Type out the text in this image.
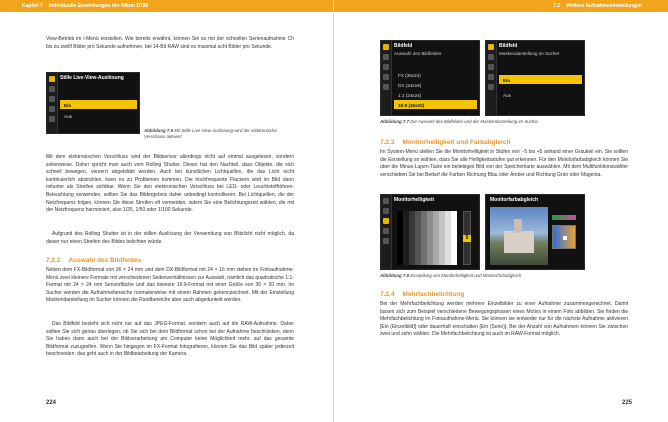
Kapitel 7 Individuelle Einstellungen der Nikon D780

View-Betrieb im i-Menü einstellen. Wie bereits erwähnt, können Sie so mit der schnellen Serienaufnahme Ch bis zu zwölf Bilder pro Sekunde aufnehmen, bei 14-Bit RAW sind es maximal acht Bilder pro Sekunde.

Stille Live-View-Auslösung
Ein
Aus
Abbildung 7.6 Mit Stille Live-View-Auslösung wird der elektronische Verschluss aktiviert

Mit dem elektronischen Verschluss wird der Bildsensor allerdings nicht auf einmal ausgelesen, sondern zeilenweise. Daher spricht man auch vom Rolling Shutter. Dieser hat den Nachteil, dass Objekte, die sich schnell bewegen, verzerrt abgebildet werden. Auch bei künstlichen Lichtquellen, die das Licht nicht kontinuierlich abstrahlen, kann es zu Problemen kommen. Die hochfrequente Flackern wird im Bild dann mitunter als Streifen sichtbar. Wenn Sie den elektronischen Verschluss bei LED- oder Leuchtstoffröhren-Beleuchtung verwenden, sollten Sie das Bildergebnis daher unbedingt kontrollieren. Bei Lichtquellen, die der Netzfrequenz folgen, können Sie diese Streifen oft vermeiden, indem Sie eine Belichtungszeit wählen, die mit der Netzfrequenz harmoniert, also 1/25, 1/50 oder 1/100 Sekunde.

Aufgrund des Rolling Shutter ist in der stillen Auslösung der Verwendung von Blitzlicht nicht möglich, da dieser nur einen Streifen des Bildes belichten würde.

7.2.2 Auswahl des Bildfeldes

Neben dem FX-Bildformat von 36 × 24 mm und dem DX-Bildformat mit 24 × 16 mm stehen im Fotoaufnahme-Menü zwei kleinere Formate mit verschiedenen Seitenverhältnissen zur Auswahl, nämlich das quadratische 1:1-Format mit 24 × 24 mm Sensorfläche und das kleinere 16:9-Format mit einer Größe von 36 × 20 mm. Im Sucher werden die Aufnahmebereiche normalerweise mit einem Rahmen gekennzeichnet. Mit der Einstellung Maskendarstellung im Sucher können die Randbereiche aber auch abgedunkelt werden.

Das Bildfeld bezieht sich nicht nur auf das JPEG-Format, sondern auch auf die RAW-Aufnahme. Daher sollten Sie sich genau überlegen, ob Sie sich bei dem Bildformat schon bei der Aufnahme beschränken, denn Sie haben dann auch bei der Bildverarbeitung am Computer keine Möglichkeit mehr, auf das gesamte Bildformat zuzugreifen. Wenn Sie hingegen im FX-Format fotografieren, können Sie das Bild später jederzeit beschneiden; das geht auch in der Bildbearbeitung der Kamera.

224
7.2 Weitere Aufnahmeeinstellungen
Bildfeld
Auswahl des Bildfeldes
FX (36x24)
DX (24x16)
1:1 (24x24)
16:9 (36x20)
Bildfeld
Maskendarstellung im Sucher
Ein
Aus
Abbildung 7.7 Die Auswahl des Bildfeldes und der Maskendarstellung im Sucher
7.2.3 Monitorhelligkeit und Farbabgleich

Im System-Menü stellen Sie die Monitorhelligkeit in Stufen von −5 bis +5 anhand einer Graukeil ein. Sie sollten die Einstellung so wählen, dass Sie alle Helligkeitsstufen gut erkennen. Für den Monitorfarbabgleich können Sie über die Minus-Lupen-Taste ein beliebiges Bild von der Speicherkarte auswählen. Mit dem Multifunktionswähler verschieben Sie bei Bedarf die Farben Richtung Blau oder Amber und Richtung Grün oder Magenta.

Monitorhelligkeit
0
Monitorfarbabgleich
Abbildung 7.8 Einstellung von Monitorhelligkeit und Monitorfarbabgleich
7.2.4 Mehrfachbelichtung

Bei der Mehrfachbelichtung werden mehrere Einzelbilder zu einer Aufnahme zusammengerechnet. Damit lassen sich zum Beispiel verschiedene Bewegungsphasen eines Motivs in einem Foto abbilden. Sie finden die Mehrfachbelichtung im Fotoaufnahme-Menü. Sie können sie entweder nur für die nächste Aufnahme aktivieren [Ein (Einzelbild)] oder dauerhaft einschalten [Ein (Serie)]. Bei der Anzahl von Aufnahmen können Sie zwischen zwei und zehn wählen. Die Mehrfachbelichtung ist auch im RAW-Format möglich.

225
